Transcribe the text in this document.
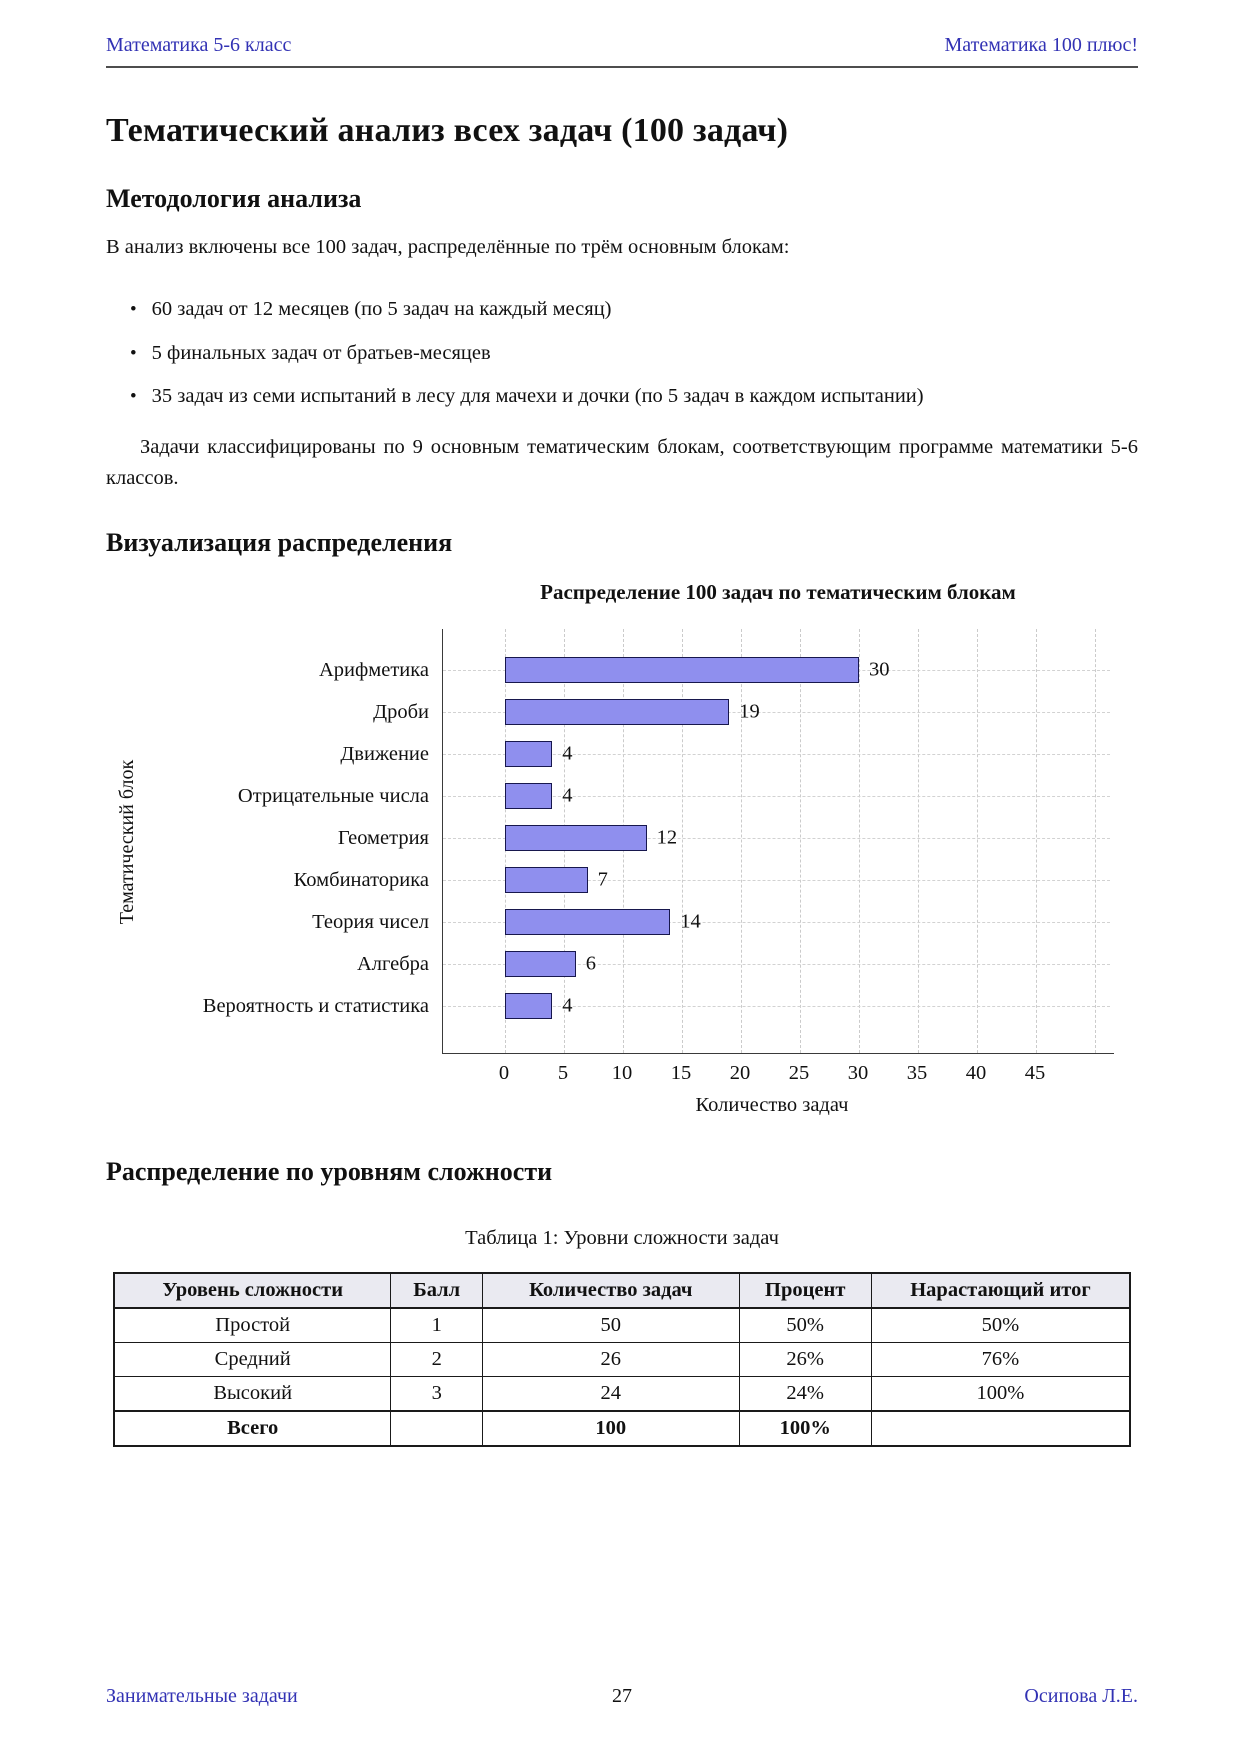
Математика 5-6 класс	Математика 100 плюс!
Тематический анализ всех задач (100 задач)
Методология анализа

В анализ включены все 100 задач, распределённые по трём основным блокам:

• 60 задач от 12 месяцев (по 5 задач на каждый месяц)
• 5 финальных задач от братьев-месяцев
• 35 задач из семи испытаний в лесу для мачехи и дочки (по 5 задач в каждом испытании)

Задачи классифицированы по 9 основным тематическим блокам, соответствующим программе математики 5-6 классов.

Визуализация распределения
Распределение 100 задач по тематическим блокам
Тематический блок
Арифметика
Дроби
Движение
Отрицательные числа
Геометрия
Комбинаторика
Теория чисел
Алгебра
Вероятность и статистика
30
19
4
4
12
7
14
6
4
0 5 10 15 20 25 30 35 40 45
Количество задач
Распределение по уровням сложности
Таблица 1: Уровни сложности задач
Уровень сложности	Балл	Количество задач	Процент	Нарастающий итог
Простой	1	50	50%	50%
Средний	2	26	26%	76%
Высокий	3	24	24%	100%
Всего		100	100%	
Занимательные задачи	27	Осипова Л.Е.
